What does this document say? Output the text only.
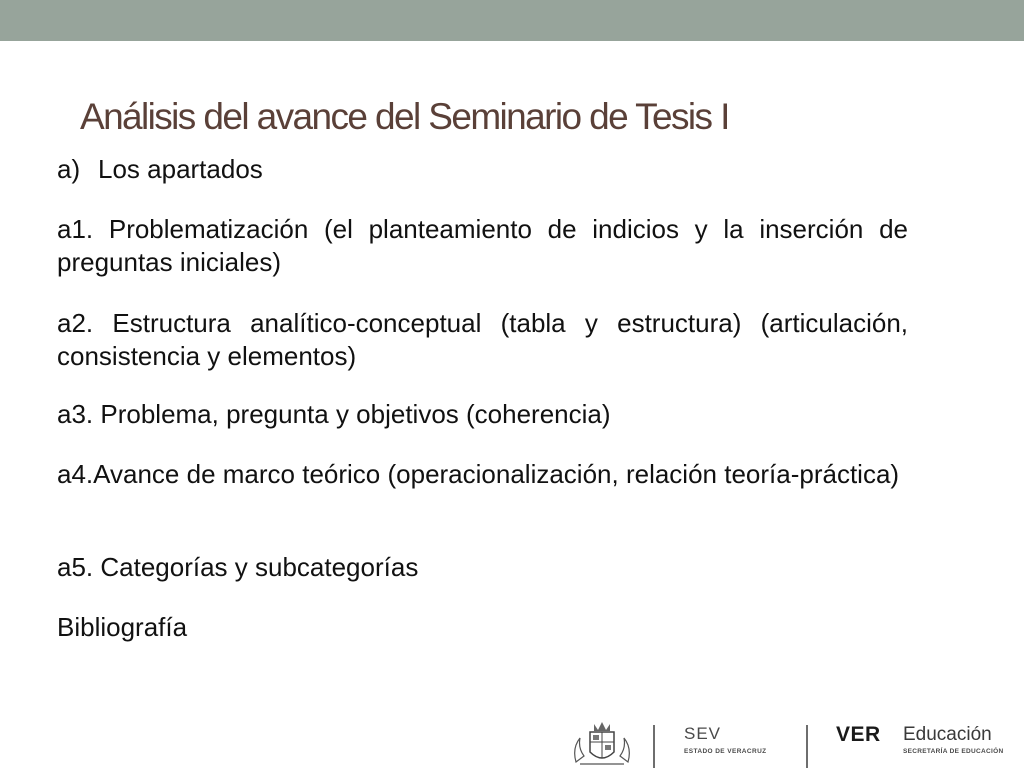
Análisis del avance del Seminario de Tesis I
a) Los apartados
a1. Problematización (el planteamiento de indicios y la inserción de preguntas iniciales)
a2. Estructura analítico-conceptual (tabla y estructura) (articulación, consistencia y elementos)
a3. Problema, pregunta y objetivos (coherencia)
a4.Avance de marco teórico (operacionalización, relación teoría-práctica)
a5. Categorías y subcategorías
Bibliografía
SEV
ESTADO DE VERACRUZ
VER Educación
SECRETARÍA DE EDUCACIÓN
